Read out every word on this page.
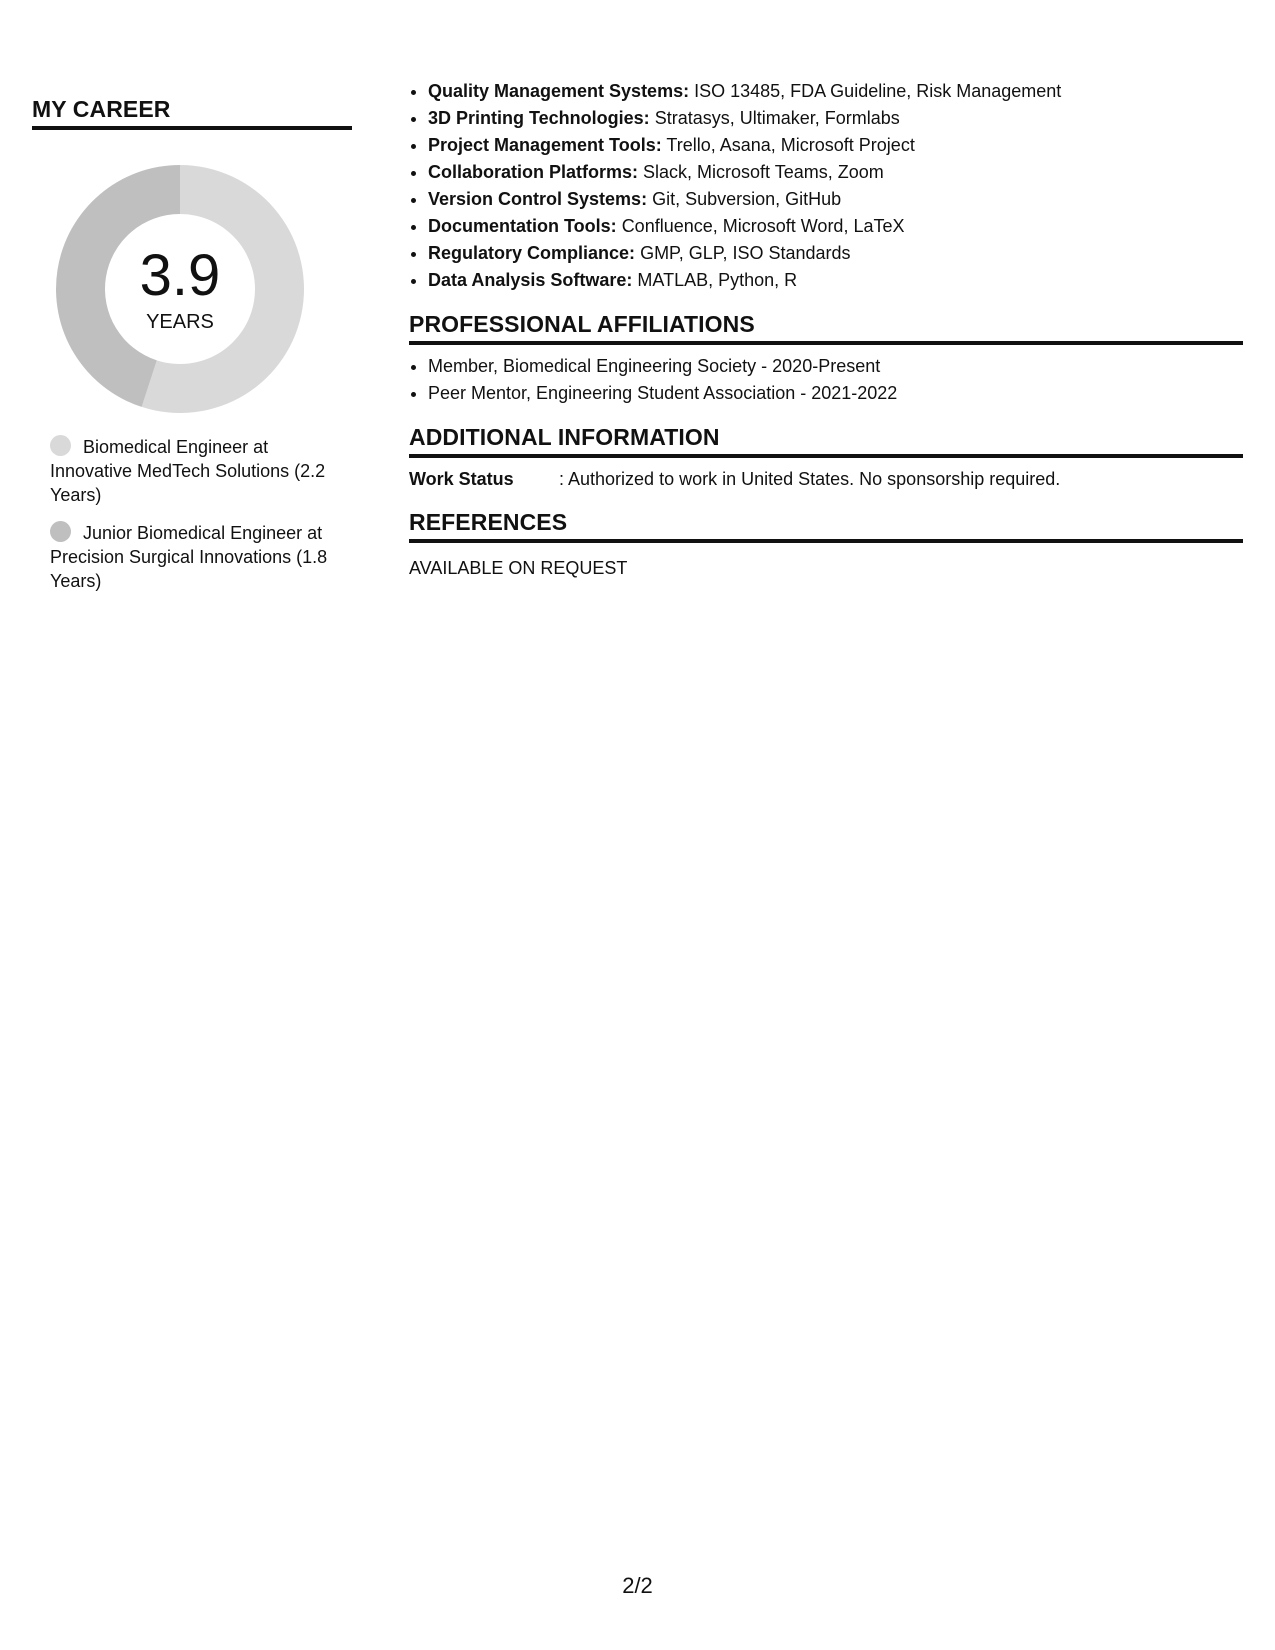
MY CAREER
3.9
YEARS
Biomedical Engineer at Innovative MedTech Solutions (2.2 Years)
Junior Biomedical Engineer at Precision Surgical Innovations (1.8 Years)
• Quality Management Systems: ISO 13485, FDA Guideline, Risk Management
• 3D Printing Technologies: Stratasys, Ultimaker, Formlabs
• Project Management Tools: Trello, Asana, Microsoft Project
• Collaboration Platforms: Slack, Microsoft Teams, Zoom
• Version Control Systems: Git, Subversion, GitHub
• Documentation Tools: Confluence, Microsoft Word, LaTeX
• Regulatory Compliance: GMP, GLP, ISO Standards
• Data Analysis Software: MATLAB, Python, R
PROFESSIONAL AFFILIATIONS
• Member, Biomedical Engineering Society - 2020-Present
• Peer Mentor, Engineering Student Association - 2021-2022
ADDITIONAL INFORMATION
Work Status	: Authorized to work in United States. No sponsorship required.
REFERENCES
AVAILABLE ON REQUEST
2/2
